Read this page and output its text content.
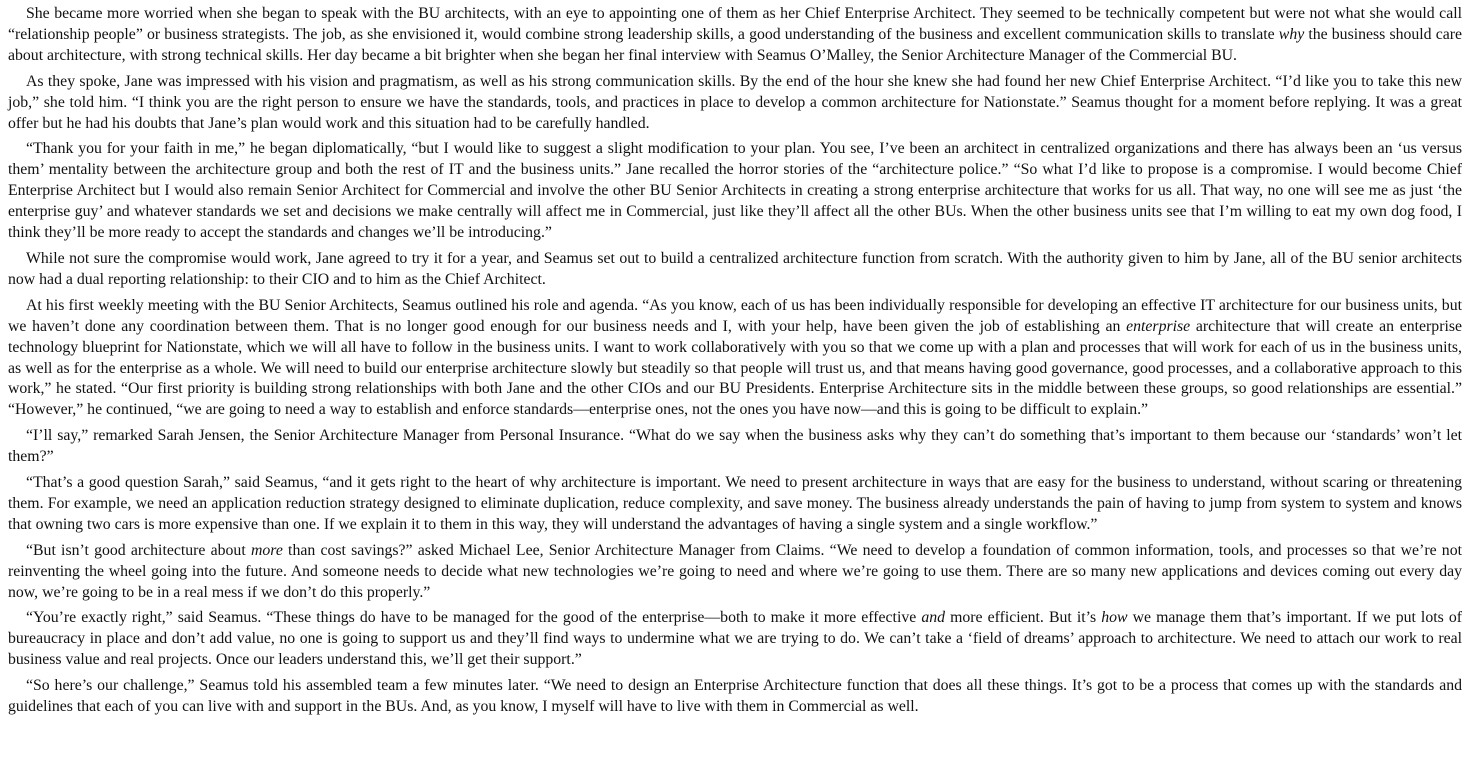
She became more worried when she began to speak with the BU architects, with an eye to appointing one of them as her Chief Enterprise Architect. They seemed to be technically competent but were not what she would call “relationship people” or business strategists. The job, as she envisioned it, would combine strong leadership skills, a good understanding of the business and excellent communication skills to translate why the business should care about architecture, with strong technical skills. Her day became a bit brighter when she began her final interview with Seamus O’Malley, the Senior Architecture Manager of the Commercial BU.

As they spoke, Jane was impressed with his vision and pragmatism, as well as his strong communication skills. By the end of the hour she knew she had found her new Chief Enterprise Architect. “I’d like you to take this new job,” she told him. “I think you are the right person to ensure we have the standards, tools, and practices in place to develop a common architecture for Nationstate.” Seamus thought for a moment before replying. It was a great offer but he had his doubts that Jane’s plan would work and this situation had to be carefully handled.

“Thank you for your faith in me,” he began diplomatically, “but I would like to suggest a slight modification to your plan. You see, I’ve been an architect in centralized organizations and there has always been an ‘us versus them’ mentality between the architecture group and both the rest of IT and the business units.” Jane recalled the horror stories of the “architecture police.” “So what I’d like to propose is a compromise. I would become Chief Enterprise Architect but I would also remain Senior Architect for Commercial and involve the other BU Senior Architects in creating a strong enterprise architecture that works for us all. That way, no one will see me as just ‘the enterprise guy’ and whatever standards we set and decisions we make centrally will affect me in Commercial, just like they’ll affect all the other BUs. When the other business units see that I’m willing to eat my own dog food, I think they’ll be more ready to accept the standards and changes we’ll be introducing.”

While not sure the compromise would work, Jane agreed to try it for a year, and Seamus set out to build a centralized architecture function from scratch. With the authority given to him by Jane, all of the BU senior architects now had a dual reporting relationship: to their CIO and to him as the Chief Architect.

At his first weekly meeting with the BU Senior Architects, Seamus outlined his role and agenda. “As you know, each of us has been individually responsible for developing an effective IT architecture for our business units, but we haven’t done any coordination between them. That is no longer good enough for our business needs and I, with your help, have been given the job of establishing an enterprise architecture that will create an enterprise technology blueprint for Nationstate, which we will all have to follow in the business units. I want to work collaboratively with you so that we come up with a plan and processes that will work for each of us in the business units, as well as for the enterprise as a whole. We will need to build our enterprise architecture slowly but steadily so that people will trust us, and that means having good governance, good processes, and a collaborative approach to this work,” he stated. “Our first priority is building strong relationships with both Jane and the other CIOs and our BU Presidents. Enterprise Architecture sits in the middle between these groups, so good relationships are essential.” “However,” he continued, “we are going to need a way to establish and enforce standards—enterprise ones, not the ones you have now—and this is going to be difficult to explain.”

“I’ll say,” remarked Sarah Jensen, the Senior Architecture Manager from Personal Insurance. “What do we say when the business asks why they can’t do something that’s important to them because our ‘standards’ won’t let them?”

“That’s a good question Sarah,” said Seamus, “and it gets right to the heart of why architecture is important. We need to present architecture in ways that are easy for the business to understand, without scaring or threatening them. For example, we need an application reduction strategy designed to eliminate duplication, reduce complexity, and save money. The business already understands the pain of having to jump from system to system and knows that owning two cars is more expensive than one. If we explain it to them in this way, they will understand the advantages of having a single system and a single workflow.”

“But isn’t good architecture about more than cost savings?” asked Michael Lee, Senior Architecture Manager from Claims. “We need to develop a foundation of common information, tools, and processes so that we’re not reinventing the wheel going into the future. And someone needs to decide what new technologies we’re going to need and where we’re going to use them. There are so many new applications and devices coming out every day now, we’re going to be in a real mess if we don’t do this properly.”

“You’re exactly right,” said Seamus. “These things do have to be managed for the good of the enterprise—both to make it more effective and more efficient. But it’s how we manage them that’s important. If we put lots of bureaucracy in place and don’t add value, no one is going to support us and they’ll find ways to undermine what we are trying to do. We can’t take a ‘field of dreams’ approach to architecture. We need to attach our work to real business value and real projects. Once our leaders understand this, we’ll get their support.”

“So here’s our challenge,” Seamus told his assembled team a few minutes later. “We need to design an Enterprise Architecture function that does all these things. It’s got to be a process that comes up with the standards and guidelines that each of you can live with and support in the BUs. And, as you know, I myself will have to live with them in Commercial as well.
